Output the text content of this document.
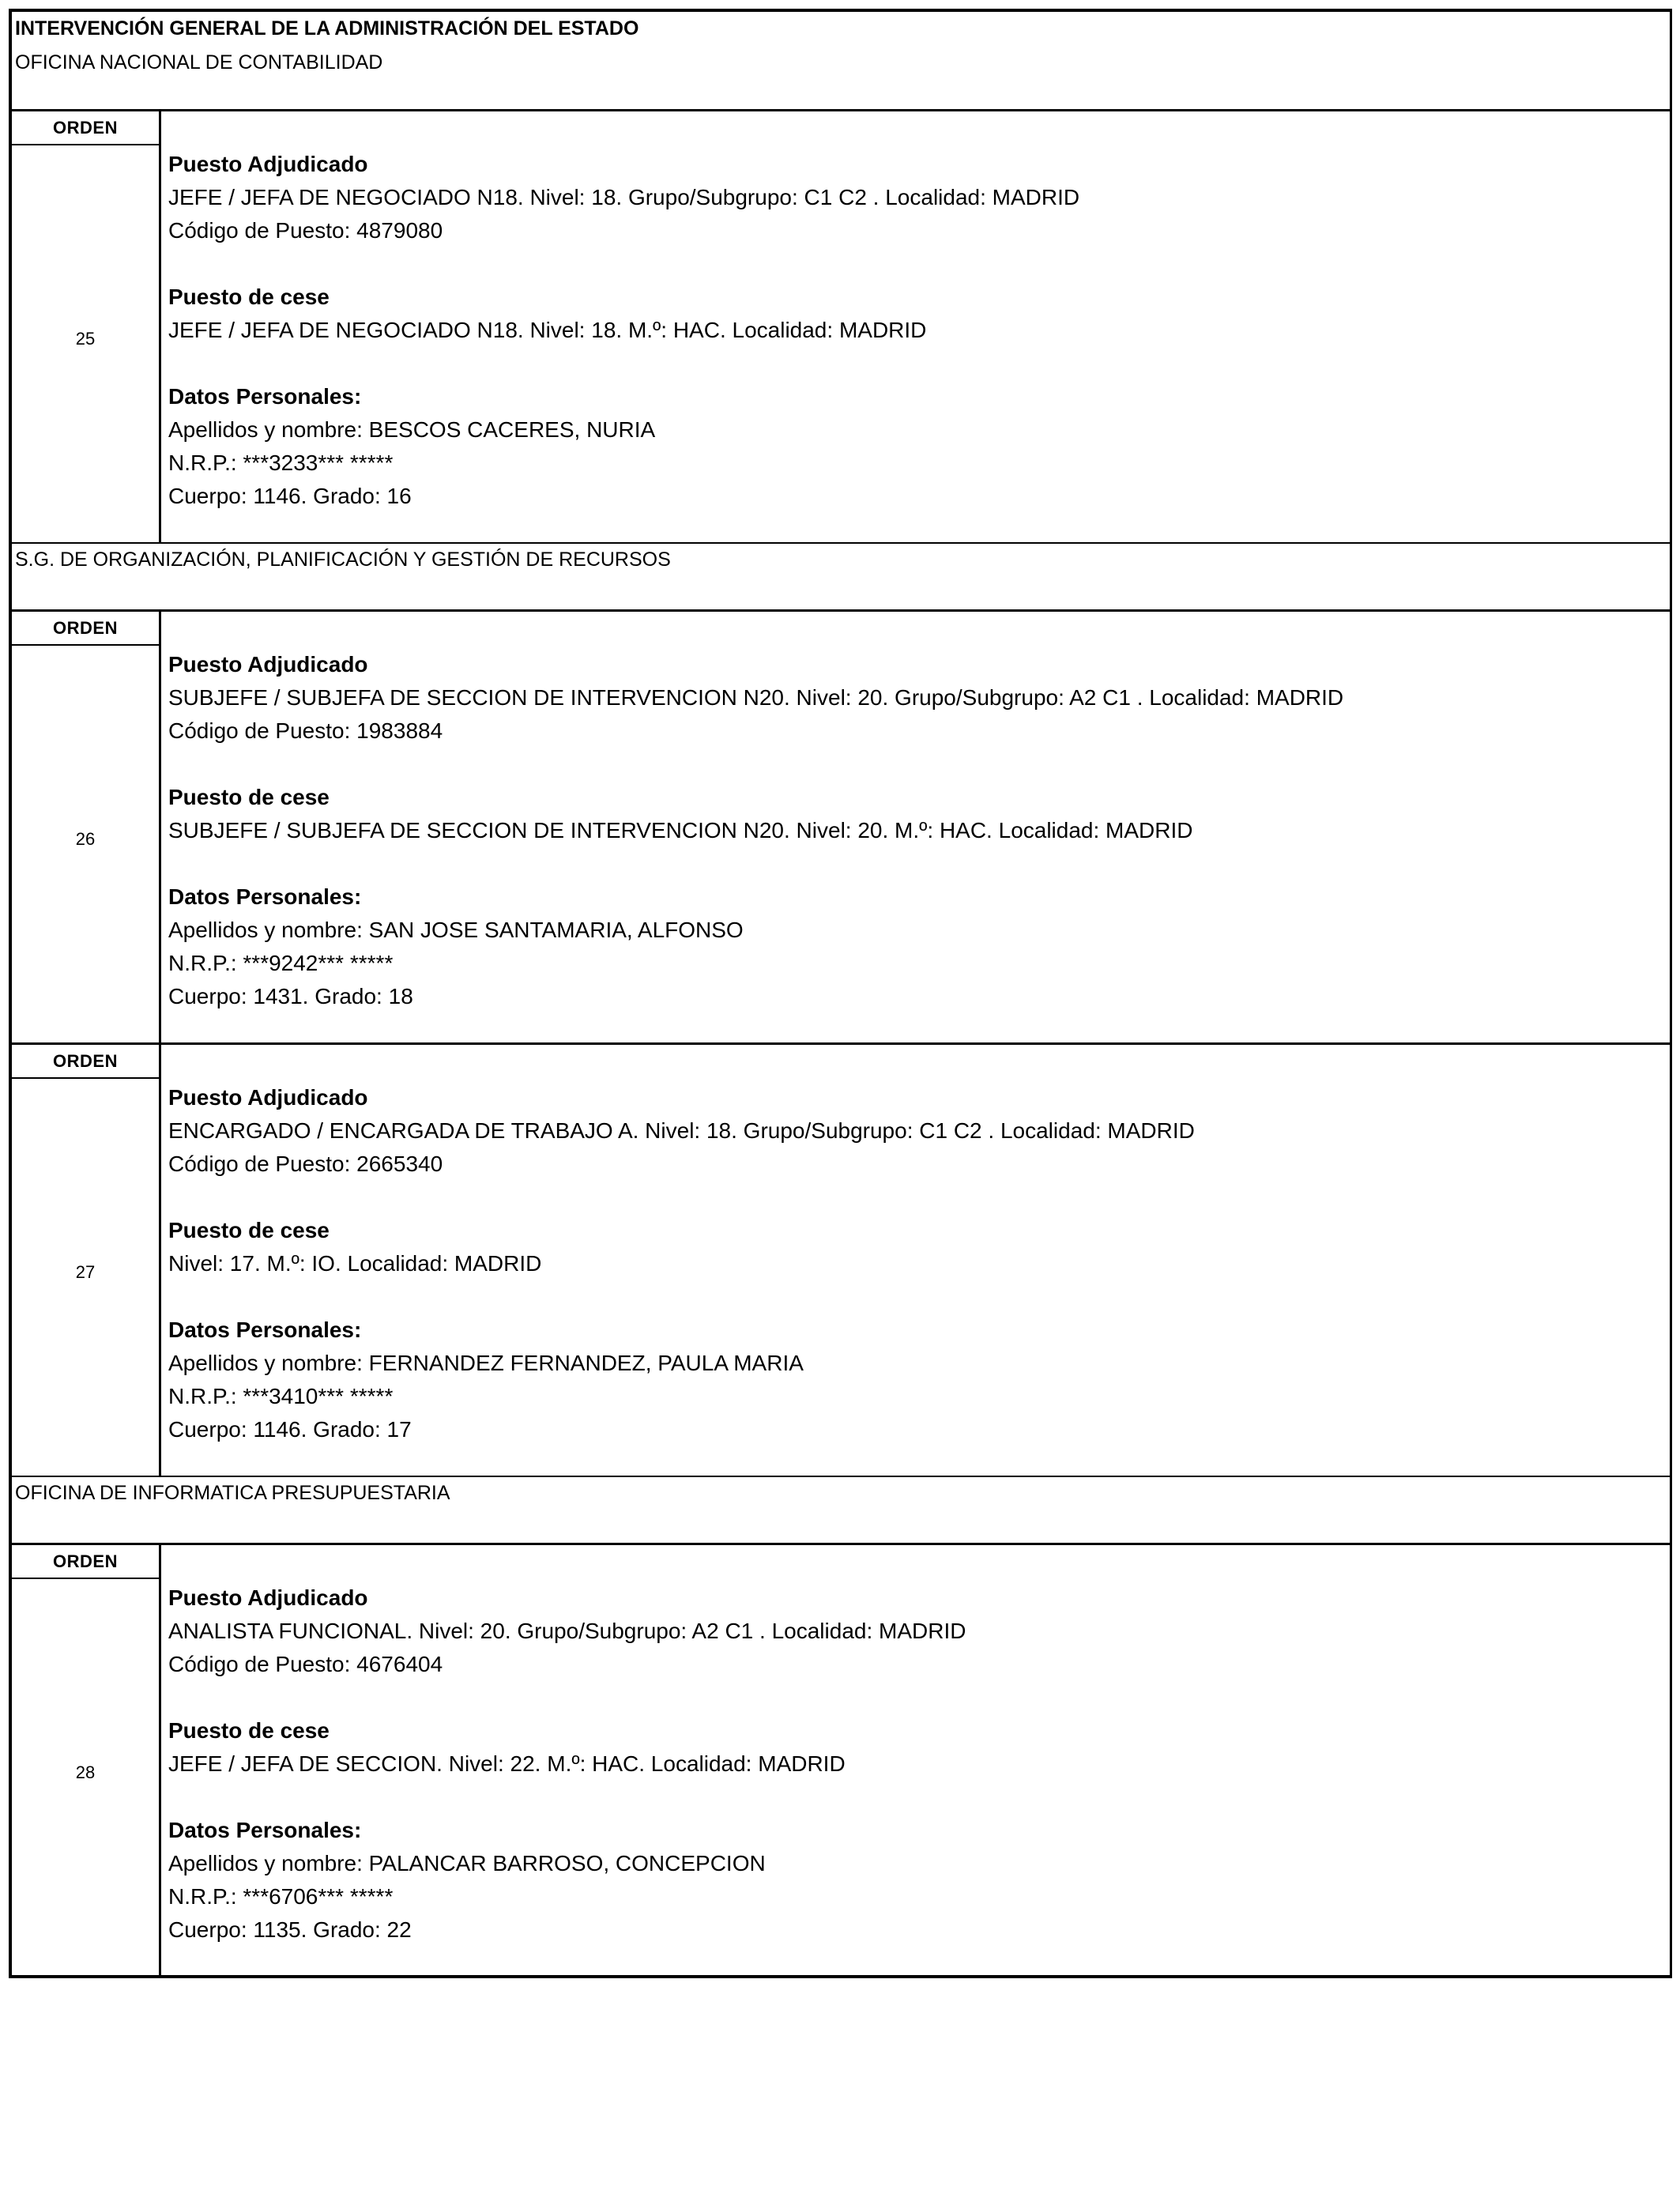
INTERVENCIÓN GENERAL DE LA ADMINISTRACIÓN DEL ESTADO
OFICINA NACIONAL DE CONTABILIDAD
ORDEN
25
Puesto Adjudicado
JEFE / JEFA DE NEGOCIADO N18. Nivel: 18. Grupo/Subgrupo: C1 C2 . Localidad: MADRID
Código de Puesto: 4879080
Puesto de cese
JEFE / JEFA DE NEGOCIADO N18. Nivel: 18. M.º: HAC. Localidad: MADRID
Datos Personales:
Apellidos y nombre: BESCOS CACERES, NURIA
N.R.P.: ***3233*** *****
Cuerpo: 1146. Grado: 16
S.G. DE ORGANIZACIÓN, PLANIFICACIÓN Y GESTIÓN DE RECURSOS
ORDEN
26
Puesto Adjudicado
SUBJEFE / SUBJEFA DE SECCION DE INTERVENCION N20. Nivel: 20. Grupo/Subgrupo: A2 C1 . Localidad: MADRID
Código de Puesto: 1983884
Puesto de cese
SUBJEFE / SUBJEFA DE SECCION DE INTERVENCION N20. Nivel: 20. M.º: HAC. Localidad: MADRID
Datos Personales:
Apellidos y nombre: SAN JOSE SANTAMARIA, ALFONSO
N.R.P.: ***9242*** *****
Cuerpo: 1431. Grado: 18
ORDEN
27
Puesto Adjudicado
ENCARGADO / ENCARGADA DE TRABAJO A. Nivel: 18. Grupo/Subgrupo: C1 C2 . Localidad: MADRID
Código de Puesto: 2665340
Puesto de cese
Nivel: 17. M.º: IO. Localidad: MADRID
Datos Personales:
Apellidos y nombre: FERNANDEZ FERNANDEZ, PAULA MARIA
N.R.P.: ***3410*** *****
Cuerpo: 1146. Grado: 17
OFICINA DE INFORMATICA PRESUPUESTARIA
ORDEN
28
Puesto Adjudicado
ANALISTA FUNCIONAL. Nivel: 20. Grupo/Subgrupo: A2 C1 . Localidad: MADRID
Código de Puesto: 4676404
Puesto de cese
JEFE / JEFA DE SECCION. Nivel: 22. M.º: HAC. Localidad: MADRID
Datos Personales:
Apellidos y nombre: PALANCAR BARROSO, CONCEPCION
N.R.P.: ***6706*** *****
Cuerpo: 1135. Grado: 22
